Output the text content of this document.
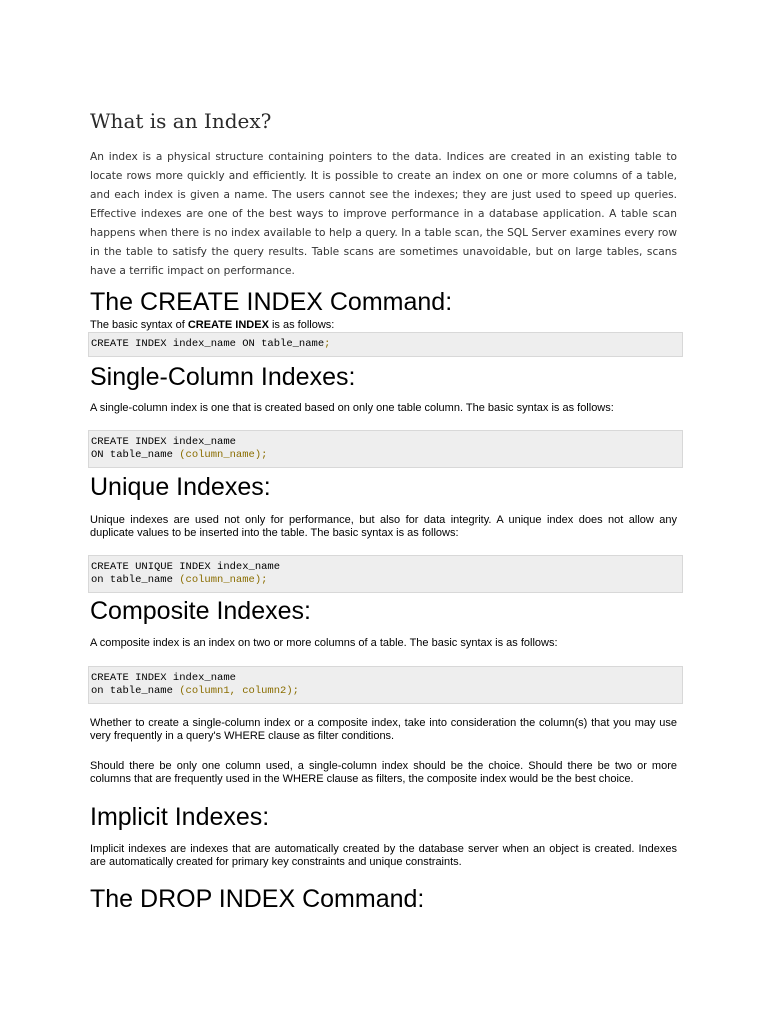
What is an Index?

An index is a physical structure containing pointers to the data. Indices are created in an existing table to locate rows more quickly and efficiently. It is possible to create an index on one or more columns of a table, and each index is given a name. The users cannot see the indexes; they are just used to speed up queries. Effective indexes are one of the best ways to improve performance in a database application. A table scan happens when there is no index available to help a query. In a table scan, the SQL Server examines every row in the table to satisfy the query results. Table scans are sometimes unavoidable, but on large tables, scans have a terrific impact on performance.

The CREATE INDEX Command:

The basic syntax of CREATE INDEX is as follows:

CREATE INDEX index_name ON table_name;
Single-Column Indexes:

A single-column index is one that is created based on only one table column. The basic syntax is as follows:

CREATE INDEX index_name
ON table_name (column_name);
Unique Indexes:

Unique indexes are used not only for performance, but also for data integrity. A unique index does not allow any duplicate values to be inserted into the table. The basic syntax is as follows:

CREATE UNIQUE INDEX index_name
on table_name (column_name);
Composite Indexes:

A composite index is an index on two or more columns of a table. The basic syntax is as follows:

CREATE INDEX index_name
on table_name (column1, column2);

Whether to create a single-column index or a composite index, take into consideration the column(s) that you may use very frequently in a query's WHERE clause as filter conditions.

Should there be only one column used, a single-column index should be the choice. Should there be two or more columns that are frequently used in the WHERE clause as filters, the composite index would be the best choice.

Implicit Indexes:

Implicit indexes are indexes that are automatically created by the database server when an object is created. Indexes are automatically created for primary key constraints and unique constraints.

The DROP INDEX Command:
